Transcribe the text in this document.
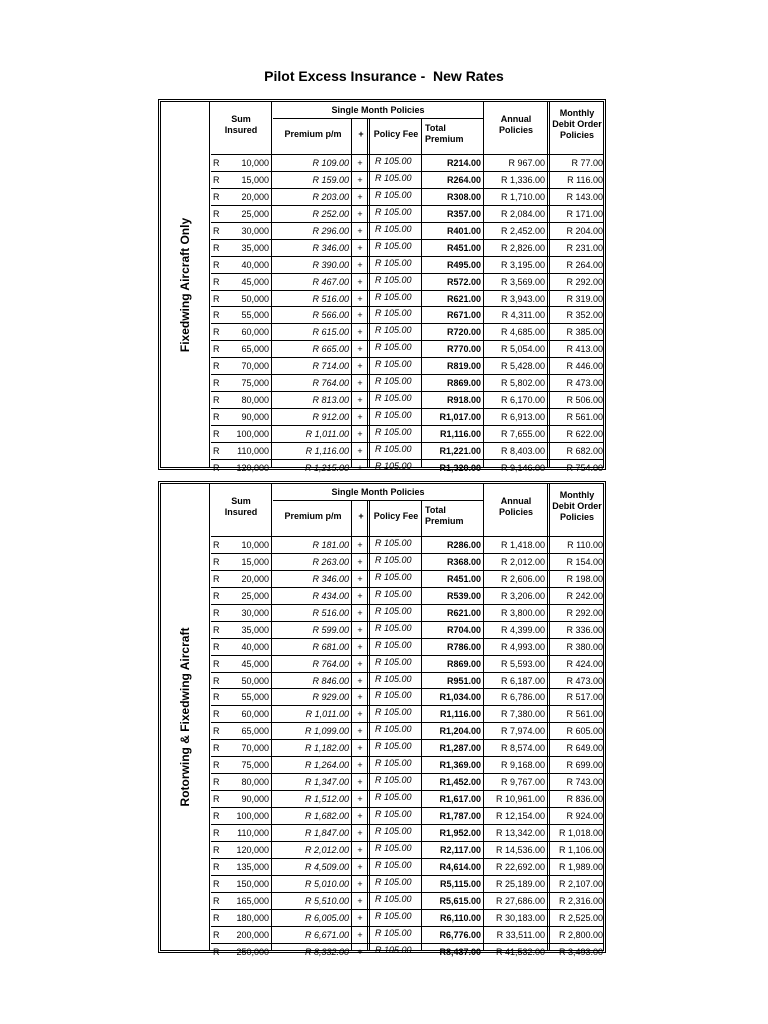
Pilot Excess Insurance -  New Rates
Fixedwing Aircraft Only
Sum
Insured
Single Month Policies
Premium p/m	+	Policy Fee
Total
Premium
Annual
Policies
Monthly
Debit Order
Policies
R	10,000	R 109.00 +	R 105.00	R214.00	R 967.00	R 77.00
R	15,000	R 159.00 +	R 105.00	R264.00	R 1,336.00	R 116.00
R	20,000	R 203.00 +	R 105.00	R308.00	R 1,710.00	R 143.00
R	25,000	R 252.00 +	R 105.00	R357.00	R 2,084.00	R 171.00
R	30,000	R 296.00 +	R 105.00	R401.00	R 2,452.00	R 204.00
R	35,000	R 346.00 +	R 105.00	R451.00	R 2,826.00	R 231.00
R	40,000	R 390.00 +	R 105.00	R495.00	R 3,195.00	R 264.00
R	45,000	R 467.00 +	R 105.00	R572.00	R 3,569.00	R 292.00
R	50,000	R 516.00 +	R 105.00	R621.00	R 3,943.00	R 319.00
R	55,000	R 566.00 +	R 105.00	R671.00	R 4,311.00	R 352.00
R	60,000	R 615.00 +	R 105.00	R720.00	R 4,685.00	R 385.00
R	65,000	R 665.00 +	R 105.00	R770.00	R 5,054.00	R 413.00
R	70,000	R 714.00 +	R 105.00	R819.00	R 5,428.00	R 446.00
R	75,000	R 764.00 +	R 105.00	R869.00	R 5,802.00	R 473.00
R	80,000	R 813.00 +	R 105.00	R918.00	R 6,170.00	R 506.00
R	90,000	R 912.00 +	R 105.00	R1,017.00	R 6,913.00	R 561.00
R	100,000	R 1,011.00 +	R 105.00	R1,116.00	R 7,655.00	R 622.00
R	110,000	R 1,116.00 +	R 105.00	R1,221.00	R 8,403.00	R 682.00
R	120,000	R 1,215.00 +	R 105.00	R1,320.00	R 9,146.00	R 754.00
Rotorwing & Fixedwing Aircraft
Sum
Insured
Single Month Policies
Premium p/m	+	Policy Fee
Total
Premium
Annual
Policies
Monthly
Debit Order
Policies
R	10,000	R 181.00 +	R 105.00	R286.00	R 1,418.00	R 110.00
R	15,000	R 263.00 +	R 105.00	R368.00	R 2,012.00	R 154.00
R	20,000	R 346.00 +	R 105.00	R451.00	R 2,606.00	R 198.00
R	25,000	R 434.00 +	R 105.00	R539.00	R 3,206.00	R 242.00
R	30,000	R 516.00 +	R 105.00	R621.00	R 3,800.00	R 292.00
R	35,000	R 599.00 +	R 105.00	R704.00	R 4,399.00	R 336.00
R	40,000	R 681.00 +	R 105.00	R786.00	R 4,993.00	R 380.00
R	45,000	R 764.00 +	R 105.00	R869.00	R 5,593.00	R 424.00
R	50,000	R 846.00 +	R 105.00	R951.00	R 6,187.00	R 473.00
R	55,000	R 929.00 +	R 105.00	R1,034.00	R 6,786.00	R 517.00
R	60,000	R 1,011.00 +	R 105.00	R1,116.00	R 7,380.00	R 561.00
R	65,000	R 1,099.00 +	R 105.00	R1,204.00	R 7,974.00	R 605.00
R	70,000	R 1,182.00 +	R 105.00	R1,287.00	R 8,574.00	R 649.00
R	75,000	R 1,264.00 +	R 105.00	R1,369.00	R 9,168.00	R 699.00
R	80,000	R 1,347.00 +	R 105.00	R1,452.00	R 9,767.00	R 743.00
R	90,000	R 1,512.00 +	R 105.00	R1,617.00	R 10,961.00	R 836.00
R	100,000	R 1,682.00 +	R 105.00	R1,787.00	R 12,154.00	R 924.00
R	110,000	R 1,847.00 +	R 105.00	R1,952.00	R 13,342.00	R 1,018.00
R	120,000	R 2,012.00 +	R 105.00	R2,117.00	R 14,536.00	R 1,106.00
R	135,000	R 4,509.00 +	R 105.00	R4,614.00	R 22,692.00	R 1,989.00
R	150,000	R 5,010.00 +	R 105.00	R5,115.00	R 25,189.00	R 2,107.00
R	165,000	R 5,510.00 +	R 105.00	R5,615.00	R 27,686.00	R 2,316.00
R	180,000	R 6,005.00 +	R 105.00	R6,110.00	R 30,183.00	R 2,525.00
R	200,000	R 6,671.00 +	R 105.00	R6,776.00	R 33,511.00	R 2,800.00
R	250,000	R 8,332.00 +	R 105.00	R8,437.00	R 41,532.00	R 3,493.00
